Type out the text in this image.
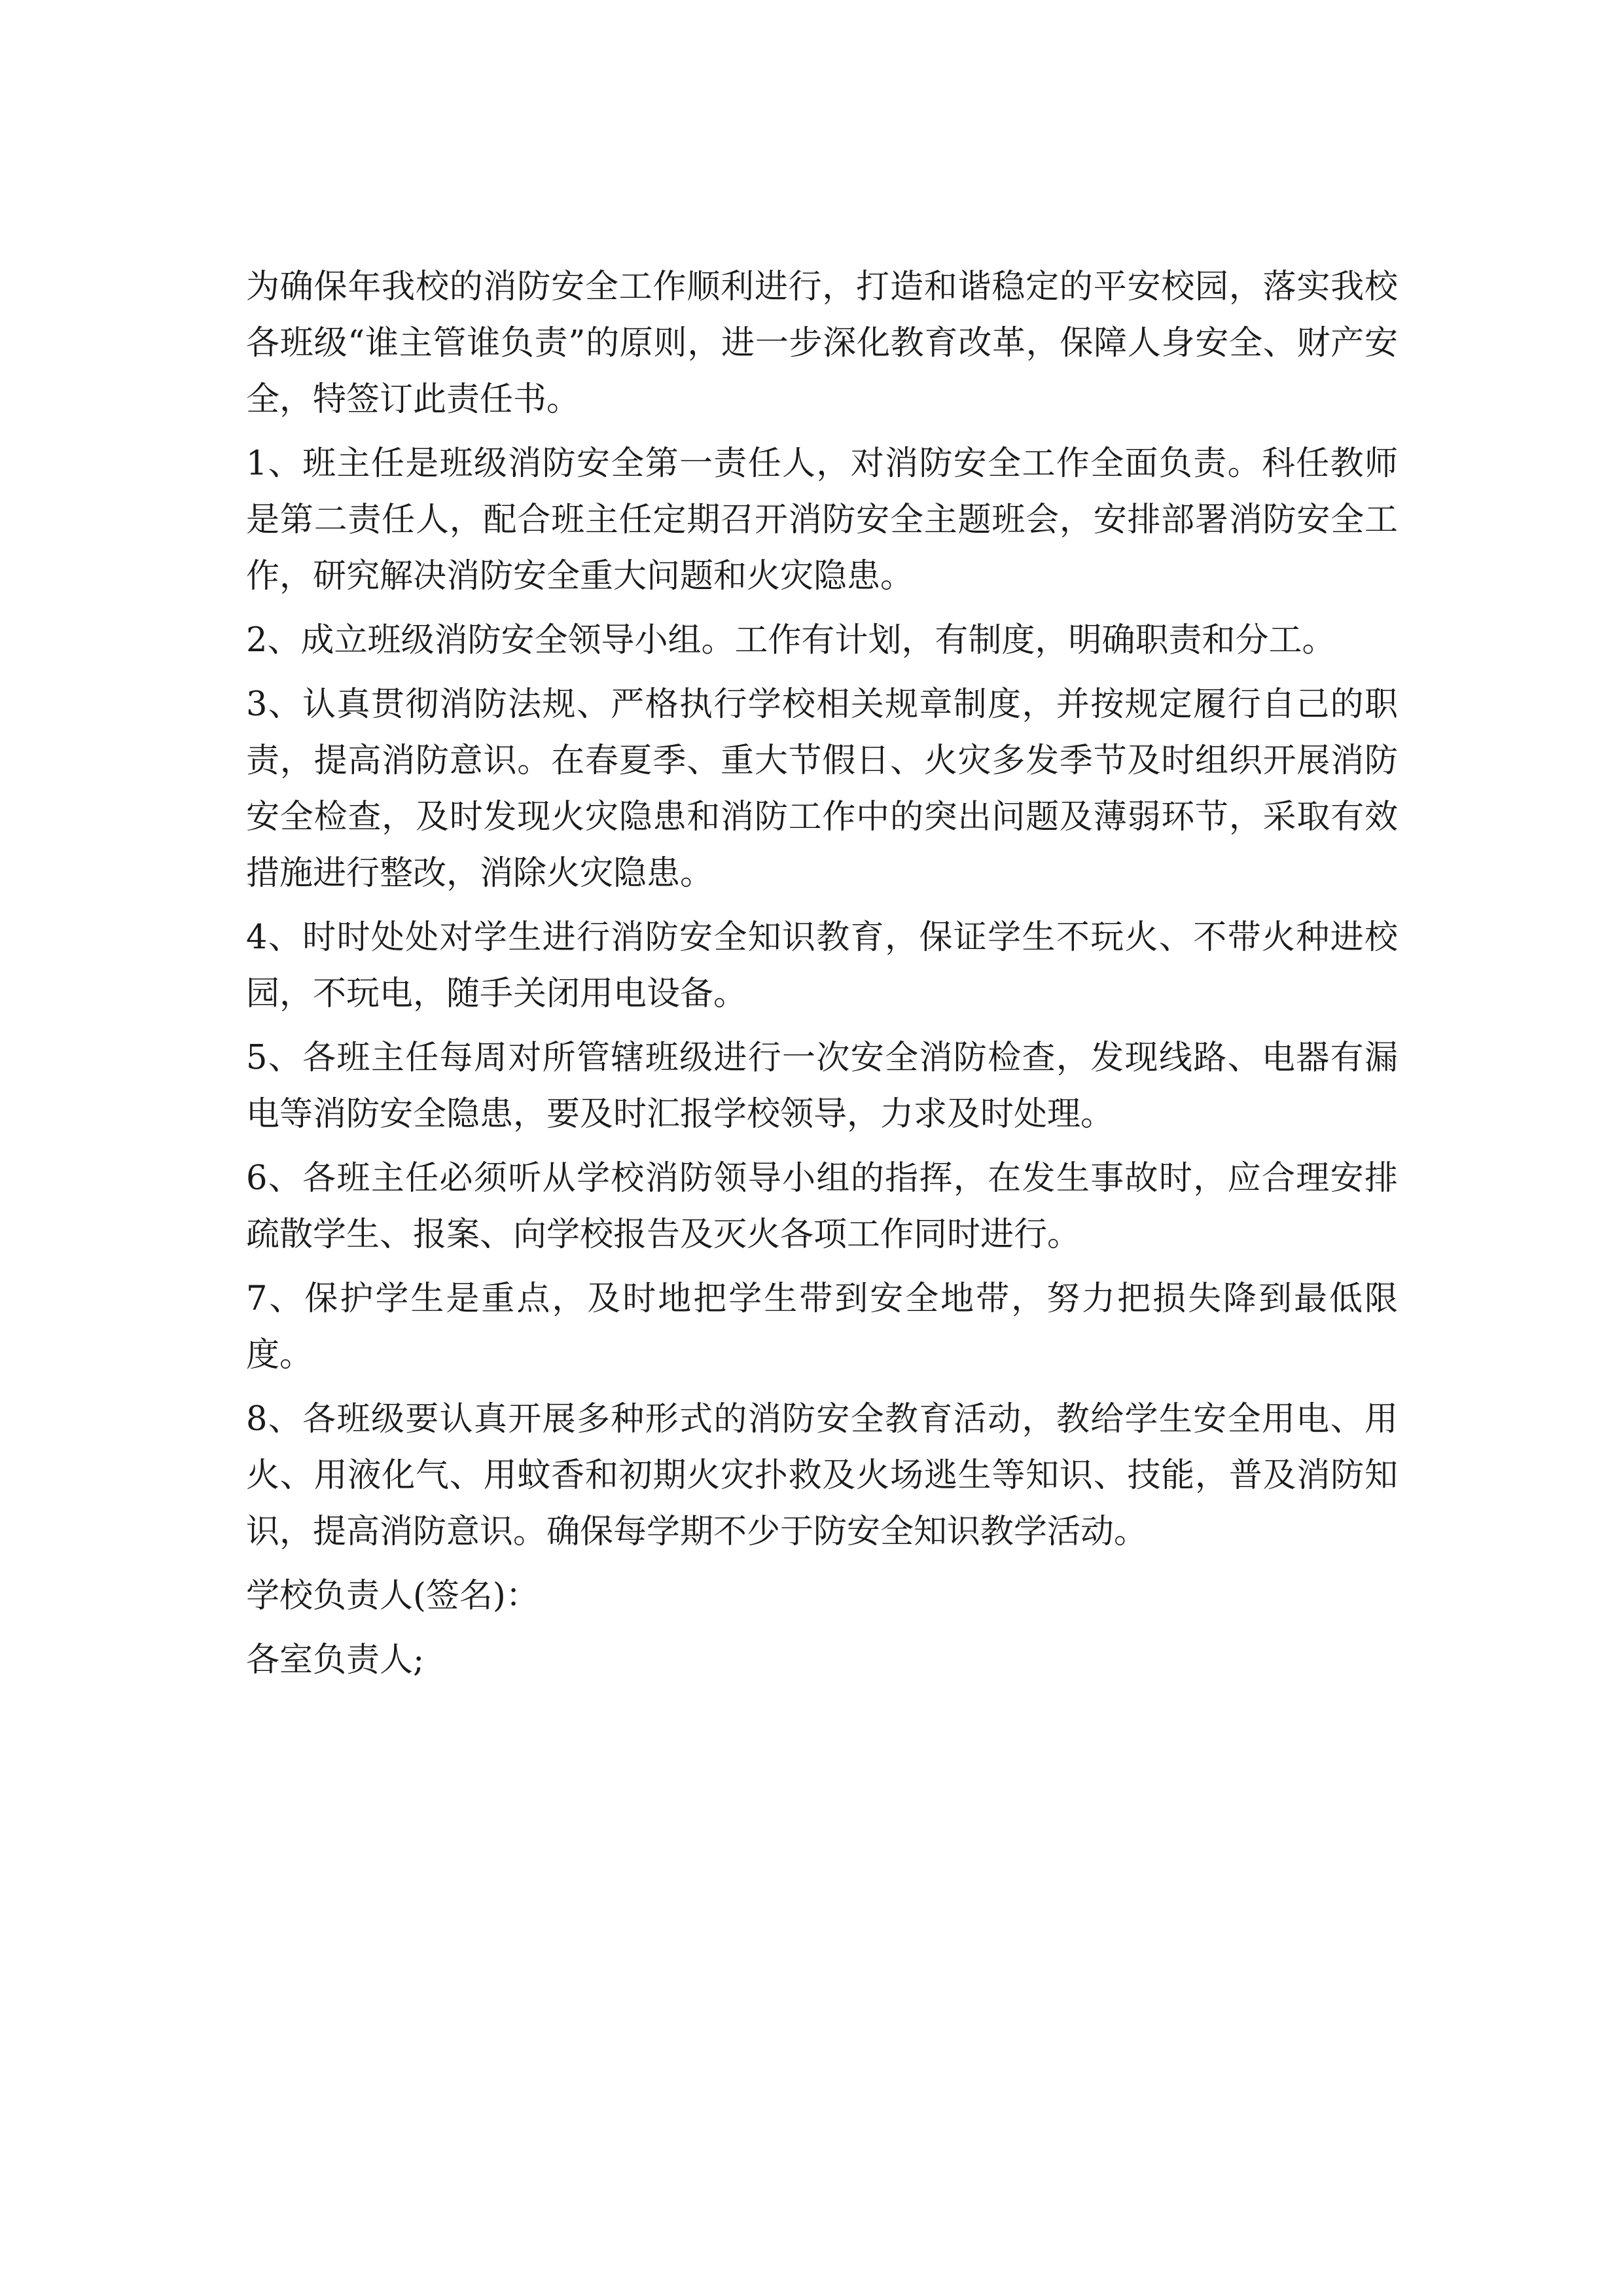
为确保年我校的消防安全工作顺利进行，打造和谐稳定的平安校园，落实我校各班级“谁主管谁负责”的原则，进一步深化教育改革，保障人身安全、财产安全，特签订此责任书。

1、班主任是班级消防安全第一责任人，对消防安全工作全面负责。科任教师是第二责任人，配合班主任定期召开消防安全主题班会，安排部署消防安全工作，研究解决消防安全重大问题和火灾隐患。

2、成立班级消防安全领导小组。工作有计划，有制度，明确职责和分工。

3、认真贯彻消防法规、严格执行学校相关规章制度，并按规定履行自己的职责，提高消防意识。在春夏季、重大节假日、火灾多发季节及时组织开展消防安全检查，及时发现火灾隐患和消防工作中的突出问题及薄弱环节，采取有效措施进行整改，消除火灾隐患。

4、时时处处对学生进行消防安全知识教育，保证学生不玩火、不带火种进校园，不玩电，随手关闭用电设备。

5、各班主任每周对所管辖班级进行一次安全消防检查，发现线路、电器有漏电等消防安全隐患，要及时汇报学校领导，力求及时处理。

6、各班主任必须听从学校消防领导小组的指挥，在发生事故时，应合理安排疏散学生、报案、向学校报告及灭火各项工作同时进行。

7、保护学生是重点，及时地把学生带到安全地带，努力把损失降到最低限度。

8、各班级要认真开展多种形式的消防安全教育活动，教给学生安全用电、用火、用液化气、用蚊香和初期火灾扑救及火场逃生等知识、技能，普及消防知识，提高消防意识。确保每学期不少于防安全知识教学活动。

学校负责人(签名)：

各室负责人;
